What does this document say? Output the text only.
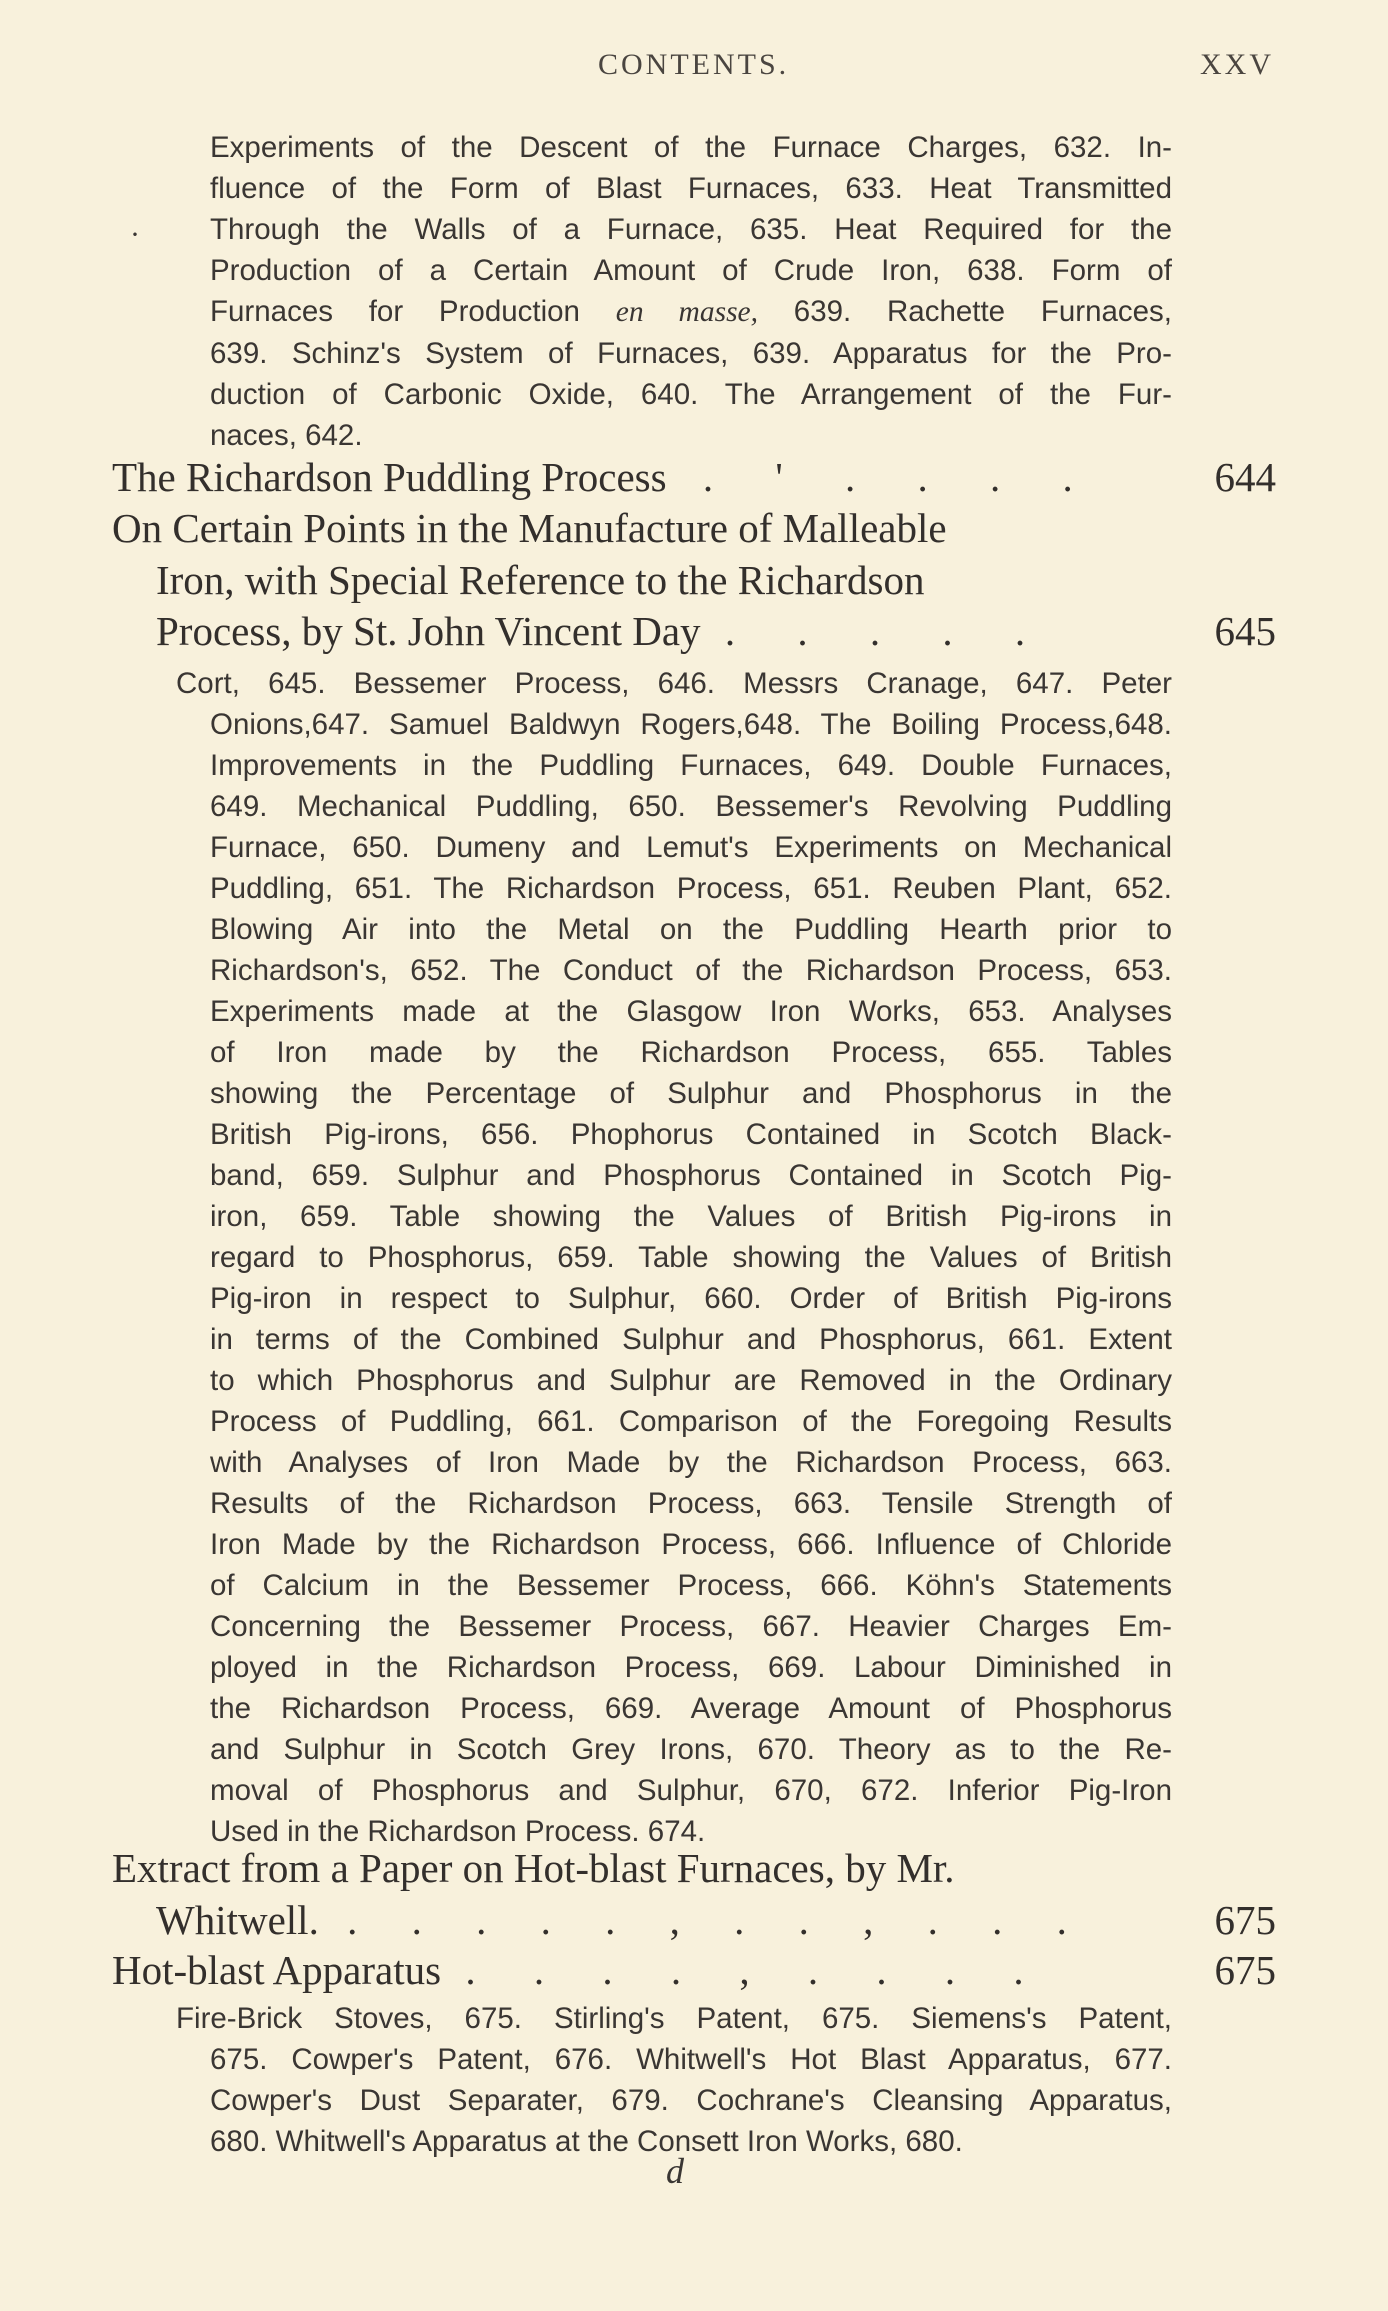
CONTENTS.	XXV
·
Experiments of the Descent of the Furnace Charges, 632. In-
fluence of the Form of Blast Furnaces, 633. Heat Transmitted
Through the Walls of a Furnace, 635. Heat Required for the
Production of a Certain Amount of Crude Iron, 638. Form of
Furnaces for Production en masse, 639. Rachette Furnaces,
639. Schinz's System of Furnaces, 639. Apparatus for the Pro-
duction of Carbonic Oxide, 640. The Arrangement of the Fur-
naces, 642.
The Richardson Puddling Process . ' . . . .	644
On Certain Points in the Manufacture of Malleable
Iron, with Special Reference to the Richardson
Process, by St. John Vincent Day . . . . .	645
Cort, 645. Bessemer Process, 646. Messrs Cranage, 647. Peter
Onions,647. Samuel Baldwyn Rogers,648. The Boiling Process,648.
Improvements in the Puddling Furnaces, 649. Double Furnaces,
649. Mechanical Puddling, 650. Bessemer's Revolving Puddling
Furnace, 650. Dumeny and Lemut's Experiments on Mechanical
Puddling, 651. The Richardson Process, 651. Reuben Plant, 652.
Blowing Air into the Metal on the Puddling Hearth prior to
Richardson's, 652. The Conduct of the Richardson Process, 653.
Experiments made at the Glasgow Iron Works, 653. Analyses
of Iron made by the Richardson Process, 655. Tables
showing the Percentage of Sulphur and Phosphorus in the
British Pig-irons, 656. Phophorus Contained in Scotch Black-
band, 659. Sulphur and Phosphorus Contained in Scotch Pig-
iron, 659. Table showing the Values of British Pig-irons in
regard to Phosphorus, 659. Table showing the Values of British
Pig-iron in respect to Sulphur, 660. Order of British Pig-irons
in terms of the Combined Sulphur and Phosphorus, 661. Extent
to which Phosphorus and Sulphur are Removed in the Ordinary
Process of Puddling, 661. Comparison of the Foregoing Results
with Analyses of Iron Made by the Richardson Process, 663.
Results of the Richardson Process, 663. Tensile Strength of
Iron Made by the Richardson Process, 666. Influence of Chloride
of Calcium in the Bessemer Process, 666. Köhn's Statements
Concerning the Bessemer Process, 667. Heavier Charges Em-
ployed in the Richardson Process, 669. Labour Diminished in
the Richardson Process, 669. Average Amount of Phosphorus
and Sulphur in Scotch Grey Irons, 670. Theory as to the Re-
moval of Phosphorus and Sulphur, 670, 672. Inferior Pig-Iron
Used in the Richardson Process. 674.
Extract from a Paper on Hot-blast Furnaces, by Mr.
Whitwell. . . . . . , . . , . . .	675
Hot-blast Apparatus . . . . , . . . .	675
Fire-Brick Stoves, 675. Stirling's Patent, 675. Siemens's Patent,
675. Cowper's Patent, 676. Whitwell's Hot Blast Apparatus, 677.
Cowper's Dust Separater, 679. Cochrane's Cleansing Apparatus,
680. Whitwell's Apparatus at the Consett Iron Works, 680.
d
